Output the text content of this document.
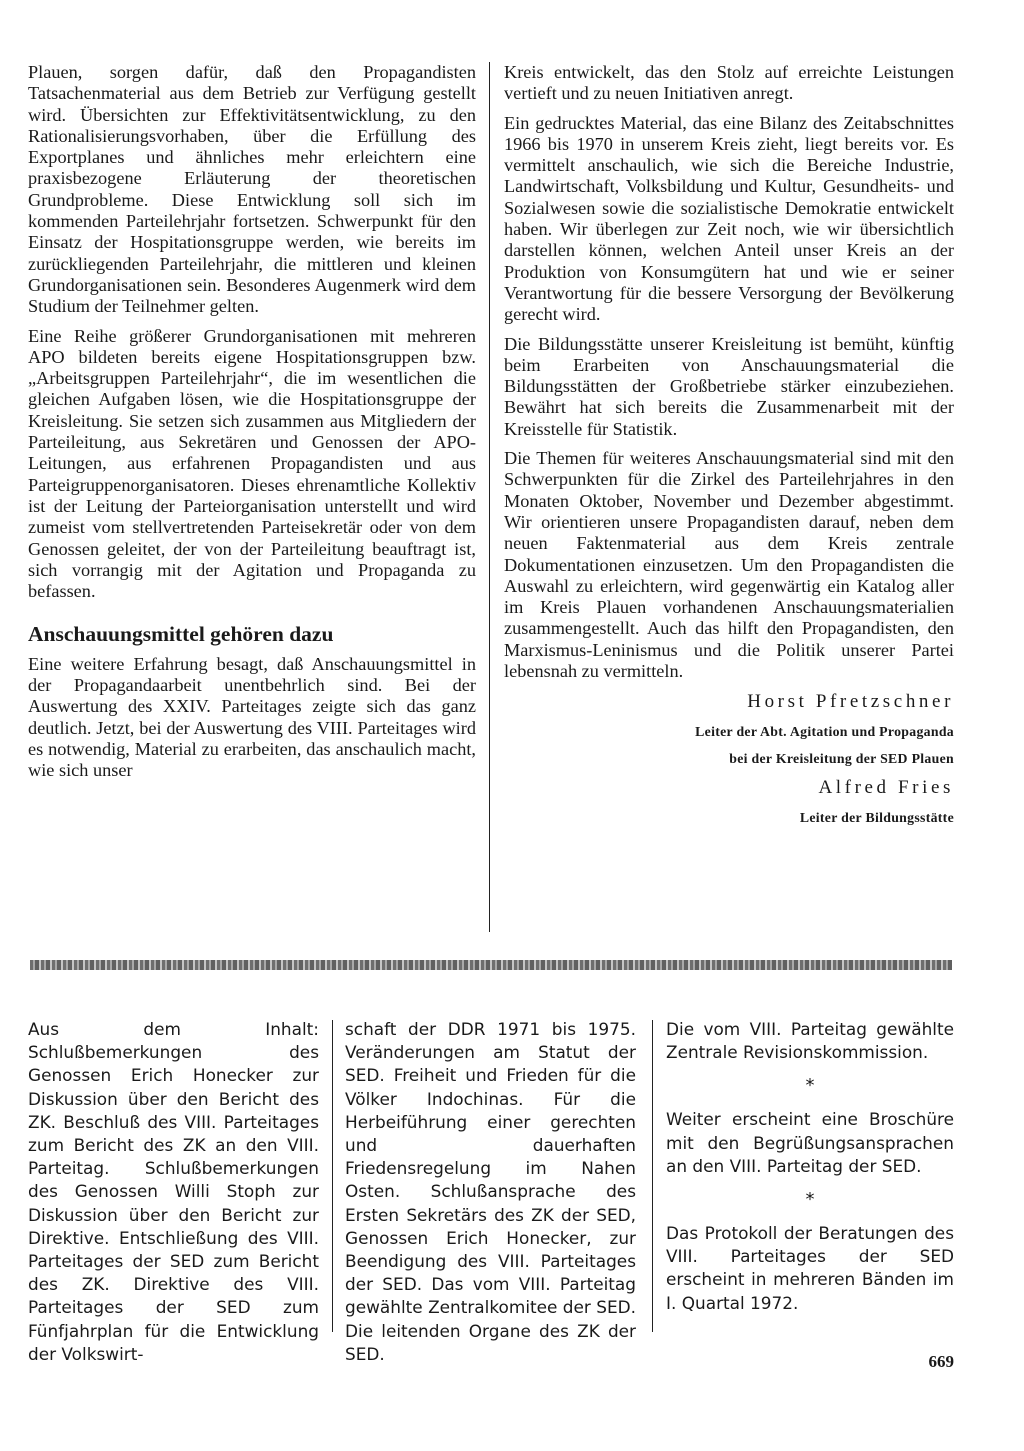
Plauen, sorgen dafür, daß den Propagandisten Tatsachenmaterial aus dem Betrieb zur Verfügung gestellt wird. Übersichten zur Effektivitätsentwicklung, zu den Rationalisierungsvorhaben, über die Erfüllung des Exportplanes und ähnliches mehr erleichtern eine praxisbezogene Erläuterung der theoretischen Grundprobleme. Diese Entwicklung soll sich im kommenden Parteilehrjahr fortsetzen. Schwerpunkt für den Einsatz der Hospitationsgruppe werden, wie bereits im zurückliegenden Parteilehrjahr, die mittleren und kleinen Grundorganisationen sein. Besonderes Augenmerk wird dem Studium der Teilnehmer gelten.

Eine Reihe größerer Grundorganisationen mit mehreren APO bildeten bereits eigene Hospitationsgruppen bzw. „Arbeitsgruppen Parteilehrjahr“, die im wesentlichen die gleichen Aufgaben lösen, wie die Hospitationsgruppe der Kreisleitung. Sie setzen sich zusammen aus Mitgliedern der Parteileitung, aus Sekretären und Genossen der APO-Leitungen, aus erfahrenen Propagandisten und aus Parteigruppenorganisatoren. Dieses ehrenamtliche Kollektiv ist der Leitung der Parteiorganisation unterstellt und wird zumeist vom stellvertretenden Parteisekretär oder von dem Genossen geleitet, der von der Parteileitung beauftragt ist, sich vorrangig mit der Agitation und Propaganda zu befassen.

Anschauungsmittel gehören dazu

Eine weitere Erfahrung besagt, daß Anschauungsmittel in der Propagandaarbeit unentbehrlich sind. Bei der Auswertung des XXIV. Parteitages zeigte sich das ganz deutlich. Jetzt, bei der Auswertung des VIII. Parteitages wird es notwendig, Material zu erarbeiten, das anschaulich macht, wie sich unser

Kreis entwickelt, das den Stolz auf erreichte Leistungen vertieft und zu neuen Initiativen anregt.

Ein gedrucktes Material, das eine Bilanz des Zeitabschnittes 1966 bis 1970 in unserem Kreis zieht, liegt bereits vor. Es vermittelt anschaulich, wie sich die Bereiche Industrie, Landwirtschaft, Volksbildung und Kultur, Gesundheits- und Sozialwesen sowie die sozialistische Demokratie entwickelt haben. Wir überlegen zur Zeit noch, wie wir übersichtlich darstellen können, welchen Anteil unser Kreis an der Produktion von Konsumgütern hat und wie er seiner Verantwortung für die bessere Versorgung der Bevölkerung gerecht wird.

Die Bildungsstätte unserer Kreisleitung ist bemüht, künftig beim Erarbeiten von Anschauungsmaterial die Bildungsstätten der Großbetriebe stärker einzubeziehen. Bewährt hat sich bereits die Zusammenarbeit mit der Kreisstelle für Statistik.

Die Themen für weiteres Anschauungsmaterial sind mit den Schwerpunkten für die Zirkel des Parteilehrjahres in den Monaten Oktober, November und Dezember abgestimmt. Wir orientieren unsere Propagandisten darauf, neben dem neuen Faktenmaterial aus dem Kreis zentrale Dokumentationen einzusetzen. Um den Propagandisten die Auswahl zu erleichtern, wird gegenwärtig ein Katalog aller im Kreis Plauen vorhandenen Anschauungsmaterialien zusammengestellt. Auch das hilft den Propagandisten, den Marxismus-Leninismus und die Politik unserer Partei lebensnah zu vermitteln.

Horst Pfretzschner

Leiter der Abt. Agitation und Propaganda

bei der Kreisleitung der SED Plauen

Alfred Fries

Leiter der Bildungsstätte

Aus dem Inhalt: Schlußbemerkungen des Genossen Erich Honecker zur Diskussion über den Bericht des ZK. Beschluß des VIII. Parteitages zum Bericht des ZK an den VIII. Parteitag. Schlußbemerkungen des Genossen Willi Stoph zur Diskussion über den Bericht zur Direktive. Entschließung des VIII. Parteitages der SED zum Bericht des ZK. Direktive des VIII. Parteitages der SED zum Fünfjahrplan für die Entwicklung der Volkswirt-

schaft der DDR 1971 bis 1975. Veränderungen am Statut der SED. Freiheit und Frieden für die Völker Indochinas. Für die Herbeiführung einer gerechten und dauerhaften Friedensregelung im Nahen Osten. Schlußansprache des Ersten Sekretärs des ZK der SED, Genossen Erich Honecker, zur Beendigung des VIII. Parteitages der SED. Das vom VIII. Parteitag gewählte Zentralkomitee der SED. Die leitenden Organe des ZK der SED.

Die vom VIII. Parteitag gewählte Zentrale Revisionskommission.

*

Weiter erscheint eine Broschüre mit den Begrüßungsansprachen an den VIII. Parteitag der SED.

*

Das Protokoll der Beratungen des VIII. Parteitages der SED erscheint in mehreren Bänden im I. Quartal 1972.

669
